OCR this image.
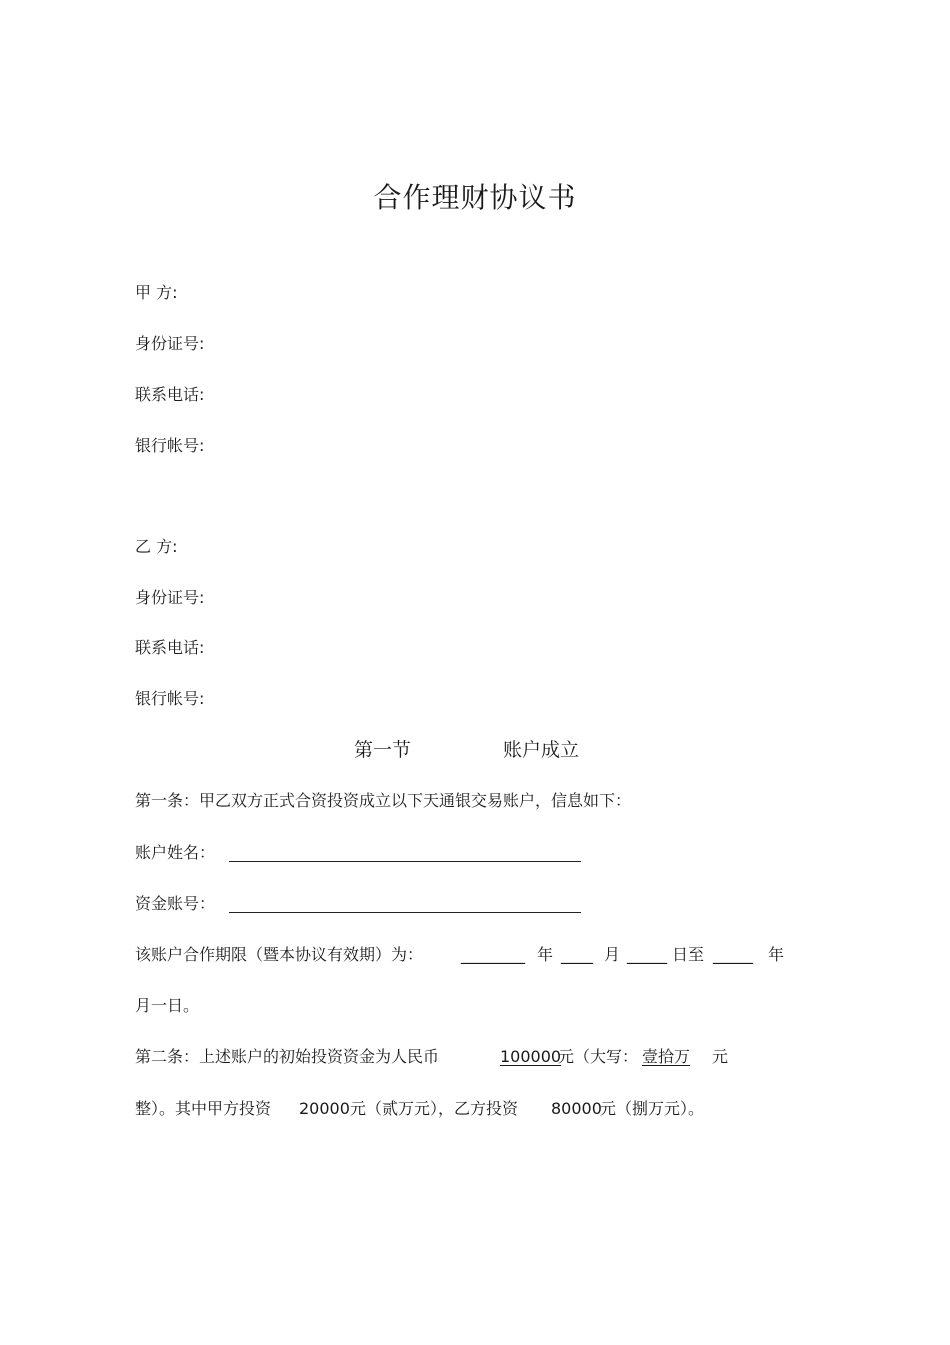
合作理财协议书
甲 方:
身份证号:
联系电话:
银行帐号:
乙 方:
身份证号:
联系电话:
银行帐号:
第一节	账户成立
第一条：甲乙双方正式合资投资成立以下天通银交易账户，信息如下：
账户姓名：
资金账号：
该账户合作期限（暨本协议有效期）为： ________ 年 ____ 月 _____ 日至 _____ 年
月一日。
第二条：上述账户的初始投资资金为人民币	100000
元（大写： 壹拾万	元
整）。其中甲方投资 20000 元（贰万元），乙方投资 80000
元（捌万元）。
